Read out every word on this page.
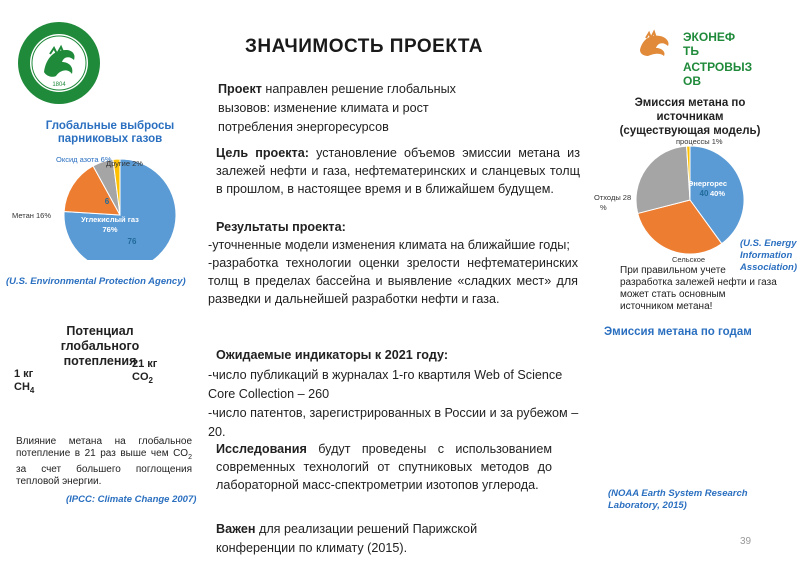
1804
ЗНАЧИМОСТЬ ПРОЕКТА	ЭКОНЕФ
ТЬ
АСТРОВЫЗ
ОВ
Глобальные выбросы парниковых газов
Углекислый газ
76%
76
6
Метан 16%
Оксид азота 6%
Другие 2%
(U.S. Environmental Protection Agency)
Потенциал глобального потепления
1 кг
$CH_4$
21 кг
$CO_2$
Влияние метана на глобальное потепление в 21 раз выше чем $CO_2$ за счет большего поглощения тепловой энергии.
(IPCC: Climate Change 2007)
Проект направлен решение глобальных вызовов: изменение климата и рост потребления энергоресурсов
Цель проекта: установление объемов эмиссии метана из залежей нефти и газа, нефтематеринских и сланцевых толщ в прошлом, в настоящее время и в ближайшем будущем.
Результаты проекта:
-уточненные модели изменения климата на ближайшие годы;
-разработка технологии оценки зрелости нефтематеринских толщ в пределах бассейна и выявление «сладких мест» для разведки и дальнейшей разработки нефти и газа.
Ожидаемые индикаторы к 2021 году:
-число публикаций в журналах 1-го квартиля Web of Science Core Collection – 260
-число патентов, зарегистрированных в России и за рубежом – 20.
Исследования будут проведены с использованием современных технологий от спутниковых методов до лабораторной масс-спектрометрии изотопов углерода.
Важен для реализации решений Парижской конференции по климату (2015).
Эмиссия метана по источникам (существующая модель)
процессы 1%
Энергорес
40%
40
Отходы 28
%
Сельское
(U.S. Energy Information Association)
При правильном учете разработка залежей нефти и газа может стать основным источником метана!
Эмиссия метана по годам
(NOAA Earth System Research Laboratory, 2015)
39
